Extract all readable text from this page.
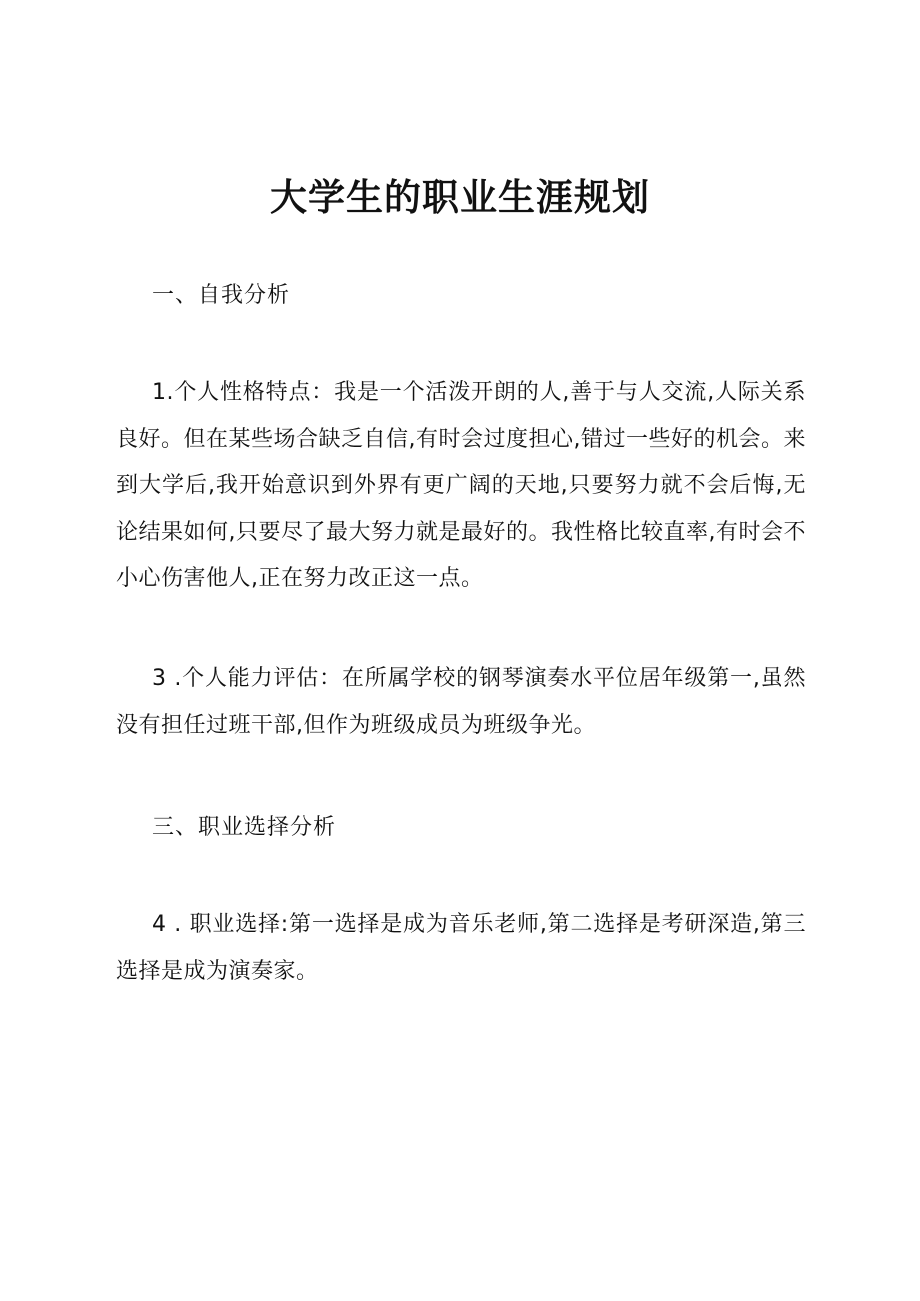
大学生的职业生涯规划
一、自我分析

1.个人性格特点：我是一个活泼开朗的人,善于与人交流,人际关系良好。但在某些场合缺乏自信,有时会过度担心,错过一些好的机会。来到大学后,我开始意识到外界有更广阔的天地,只要努力就不会后悔,无论结果如何,只要尽了最大努力就是最好的。我性格比较直率,有时会不小心伤害他人,正在努力改正这一点。

3 .个人能力评估：在所属学校的钢琴演奏水平位居年级第一,虽然没有担任过班干部,但作为班级成员为班级争光。

三、职业选择分析

4 . 职业选择:第一选择是成为音乐老师,第二选择是考研深造,第三选择是成为演奏家。
